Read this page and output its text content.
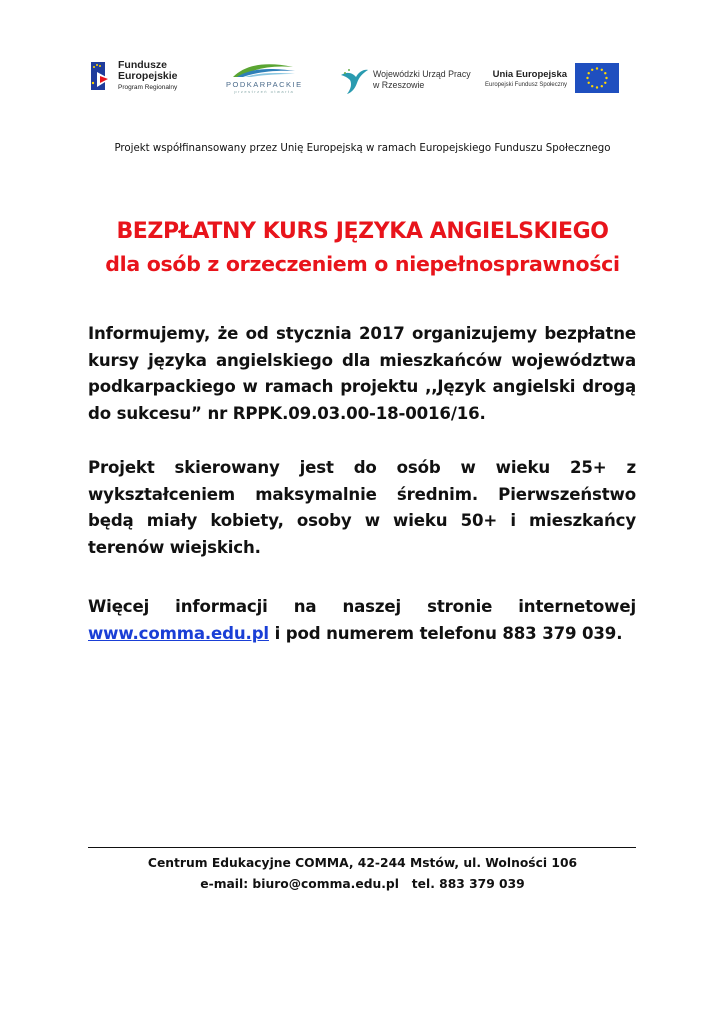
Fundusze
Europejskie
Program Regionalny	PODKARPACKIE
przestrzeń otwarta
Wojewódzki Urząd Pracy
w Rzeszowie
Unia Europejska
Europejski Fundusz Społeczny
Projekt współfinansowany przez Unię Europejską w ramach Europejskiego Funduszu Społecznego
BEZPŁATNY KURS JĘZYKA ANGIELSKIEGO
dla osób z orzeczeniem o niepełnosprawności
Informujemy, że od stycznia 2017 organizujemy bezpłatne kursy języka angielskiego dla mieszkańców województwa podkarpackiego w ramach projektu ,,Język angielski drogą do sukcesu” nr RPPK.09.03.00-18-0016/16.
Projekt skierowany jest do osób w wieku 25+ z wykształceniem maksymalnie średnim. Pierwszeństwo będą miały kobiety, osoby w wieku 50+ i mieszkańcy terenów wiejskich.
Więcej informacji na naszej stronie internetowej www.comma.edu.pl i pod numerem telefonu 883 379 039.
Centrum Edukacyjne COMMA, 42-244 Mstów, ul. Wolności 106
e-mail: biuro@comma.edu.pl   tel. 883 379 039
